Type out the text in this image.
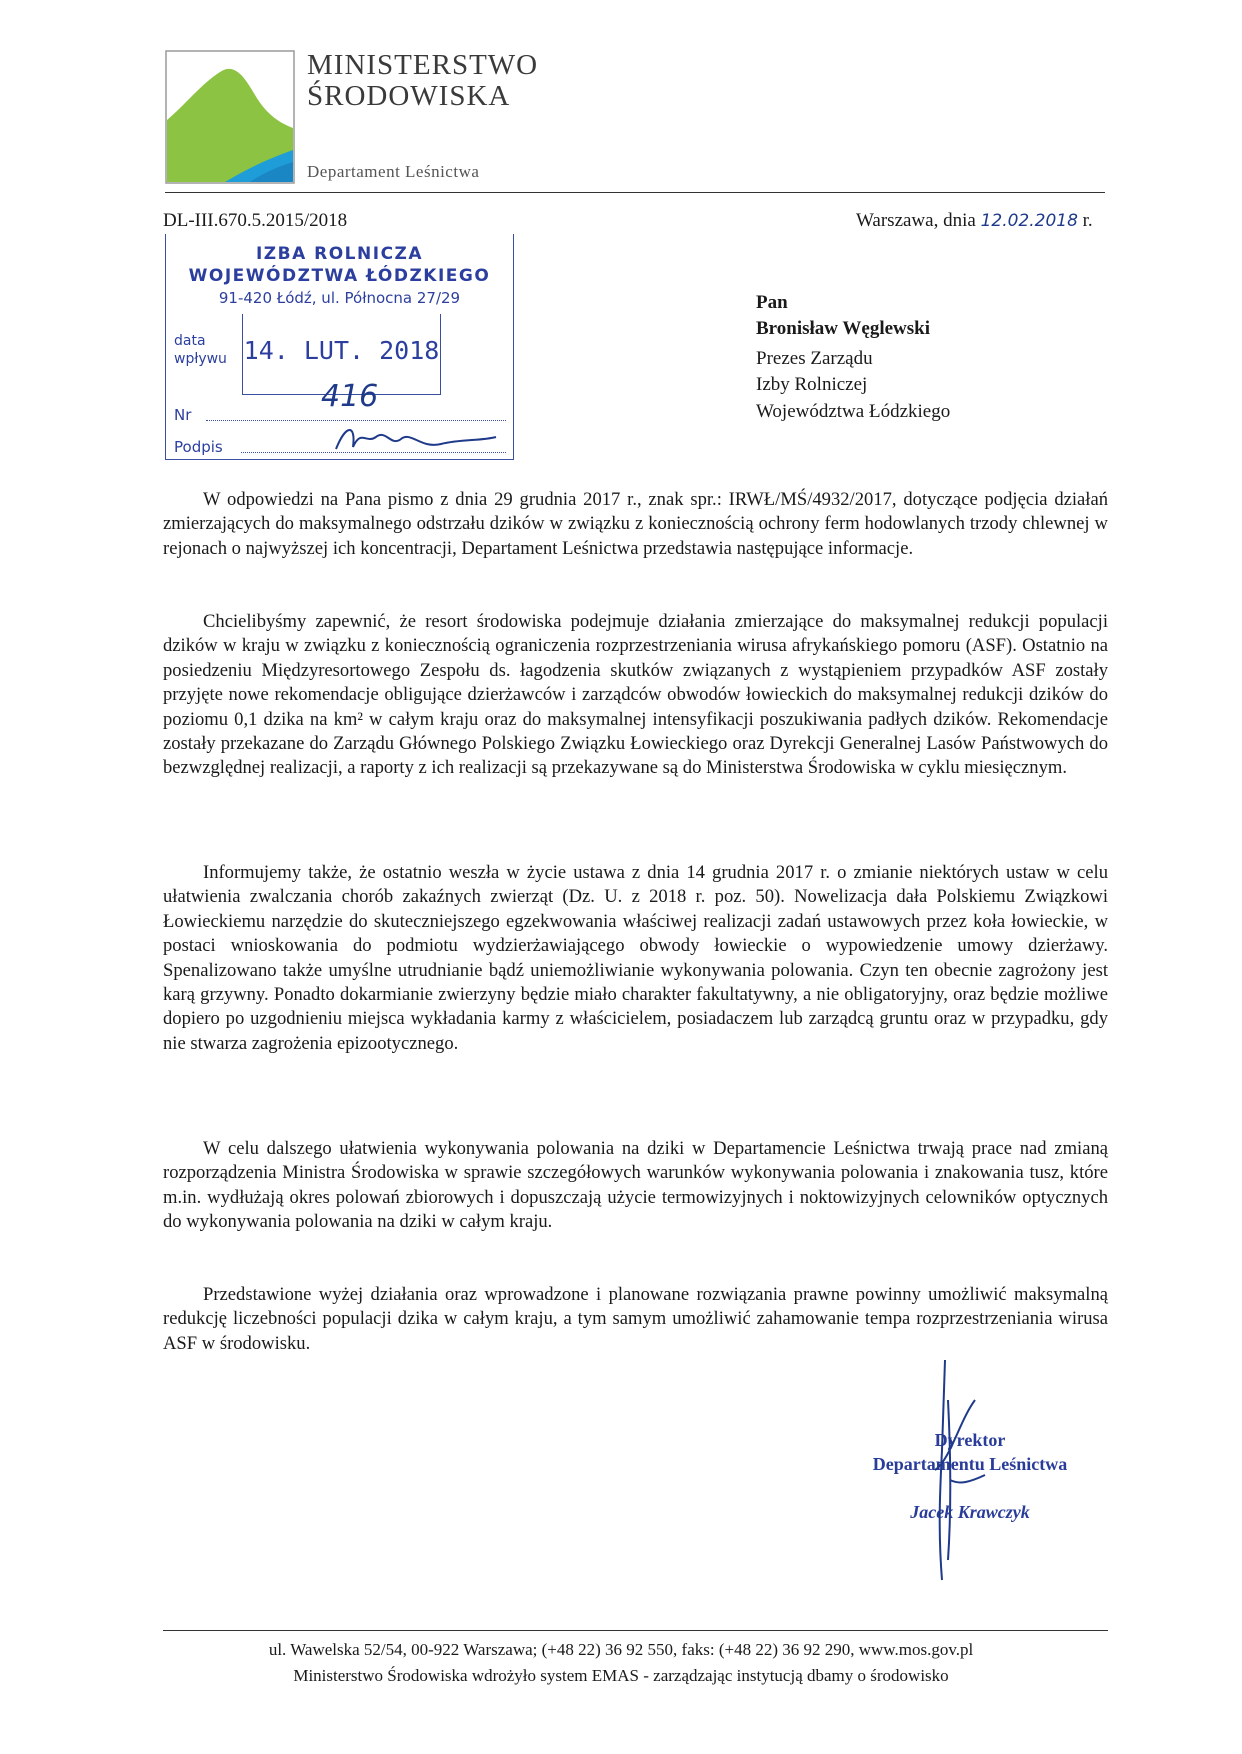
MINISTERSTWO
ŚRODOWISKA
Departament Leśnictwa
DL-III.670.5.2015/2018	Warszawa, dnia 12.02.2018 r.
IZBA ROLNICZA
WOJEWÓDZTWA ŁÓDZKIEGO
91-420 Łódź, ul. Północna 27/29
data
wpływu 14. LUT. 2018
416
Nr
Podpis
Pan
Bronisław Węglewski
Prezes Zarządu
Izby Rolniczej
Województwa Łódzkiego

W odpowiedzi na Pana pismo z dnia 29 grudnia 2017 r., znak spr.: IRWŁ/MŚ/4932/2017, dotyczące podjęcia działań zmierzających do maksymalnego odstrzału dzików w związku z koniecznością ochrony ferm hodowlanych trzody chlewnej w rejonach o najwyższej ich koncentracji, Departament Leśnictwa przedstawia następujące informacje.

Chcielibyśmy zapewnić, że resort środowiska podejmuje działania zmierzające do maksymalnej redukcji populacji dzików w kraju w związku z koniecznością ograniczenia rozprzestrzeniania wirusa afrykańskiego pomoru (ASF). Ostatnio na posiedzeniu Międzyresortowego Zespołu ds. łagodzenia skutków związanych z wystąpieniem przypadków ASF zostały przyjęte nowe rekomendacje obligujące dzierżawców i zarządców obwodów łowieckich do maksymalnej redukcji dzików do poziomu 0,1 dzika na km² w całym kraju oraz do maksymalnej intensyfikacji poszukiwania padłych dzików. Rekomendacje zostały przekazane do Zarządu Głównego Polskiego Związku Łowieckiego oraz Dyrekcji Generalnej Lasów Państwowych do bezwzględnej realizacji, a raporty z ich realizacji są przekazywane są do Ministerstwa Środowiska w cyklu miesięcznym.

Informujemy także, że ostatnio weszła w życie ustawa z dnia 14 grudnia 2017 r. o zmianie niektórych ustaw w celu ułatwienia zwalczania chorób zakaźnych zwierząt (Dz. U. z 2018 r. poz. 50). Nowelizacja dała Polskiemu Związkowi Łowieckiemu narzędzie do skuteczniejszego egzekwowania właściwej realizacji zadań ustawowych przez koła łowieckie, w postaci wnioskowania do podmiotu wydzierżawiającego obwody łowieckie o wypowiedzenie umowy dzierżawy. Spenalizowano także umyślne utrudnianie bądź uniemożliwianie wykonywania polowania. Czyn ten obecnie zagrożony jest karą grzywny. Ponadto dokarmianie zwierzyny będzie miało charakter fakultatywny, a nie obligatoryjny, oraz będzie możliwe dopiero po uzgodnieniu miejsca wykładania karmy z właścicielem, posiadaczem lub zarządcą gruntu oraz w przypadku, gdy nie stwarza zagrożenia epizootycznego.

W celu dalszego ułatwienia wykonywania polowania na dziki w Departamencie Leśnictwa trwają prace nad zmianą rozporządzenia Ministra Środowiska w sprawie szczegółowych warunków wykonywania polowania i znakowania tusz, które m.in. wydłużają okres polowań zbiorowych i dopuszczają użycie termowizyjnych i noktowizyjnych celowników optycznych do wykonywania polowania na dziki w całym kraju.

Przedstawione wyżej działania oraz wprowadzone i planowane rozwiązania prawne powinny umożliwić maksymalną redukcję liczebności populacji dzika w całym kraju, a tym samym umożliwić zahamowanie tempa rozprzestrzeniania wirusa ASF w środowisku.

Dyrektor
Departamentu Leśnictwa
Jacek Krawczyk
ul. Wawelska 52/54, 00-922 Warszawa; (+48 22) 36 92 550, faks: (+48 22) 36 92 290, www.mos.gov.pl
Ministerstwo Środowiska wdrożyło system EMAS - zarządzając instytucją dbamy o środowisko
